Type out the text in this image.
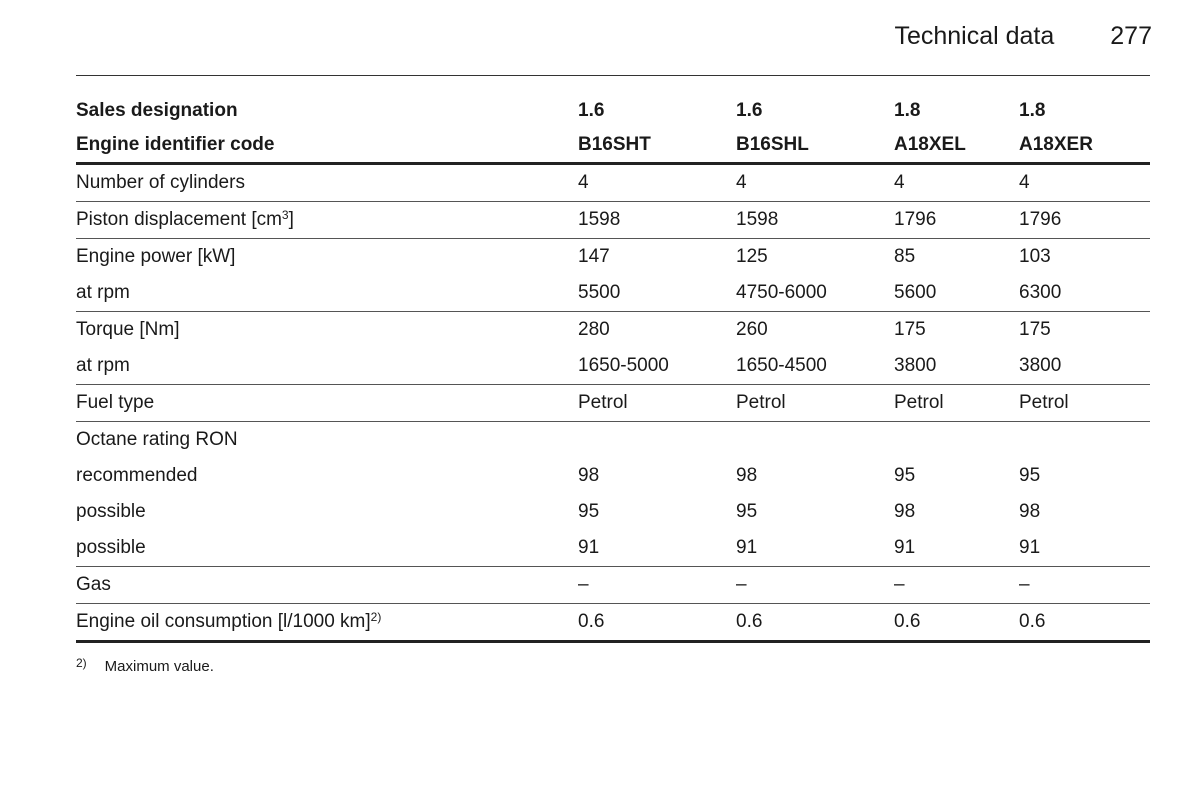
Technical data 277
Sales designation	1.6	1.6	1.8	1.8
Engine identifier code	B16SHT	B16SHL	A18XEL	A18XER
Number of cylinders	4	4	4	4
Piston displacement $[cm^3]$	1598	1598	1796	1796
Engine power [kW]	147	125	85	103
at rpm	5500	4750-6000	5600	6300
Torque [Nm]	280	260	175	175
at rpm	1650-5000	1650-4500	3800	3800
Fuel type	Petrol	Petrol	Petrol	Petrol
Octane rating RON				
recommended	98	98	95	95
possible	95	95	98	98
possible	91	91	91	91
Gas	–	–	–	–
Engine oil consumption [l/1000 km]$^{2)}$	0.6	0.6	0.6	0.6
2) Maximum value.
